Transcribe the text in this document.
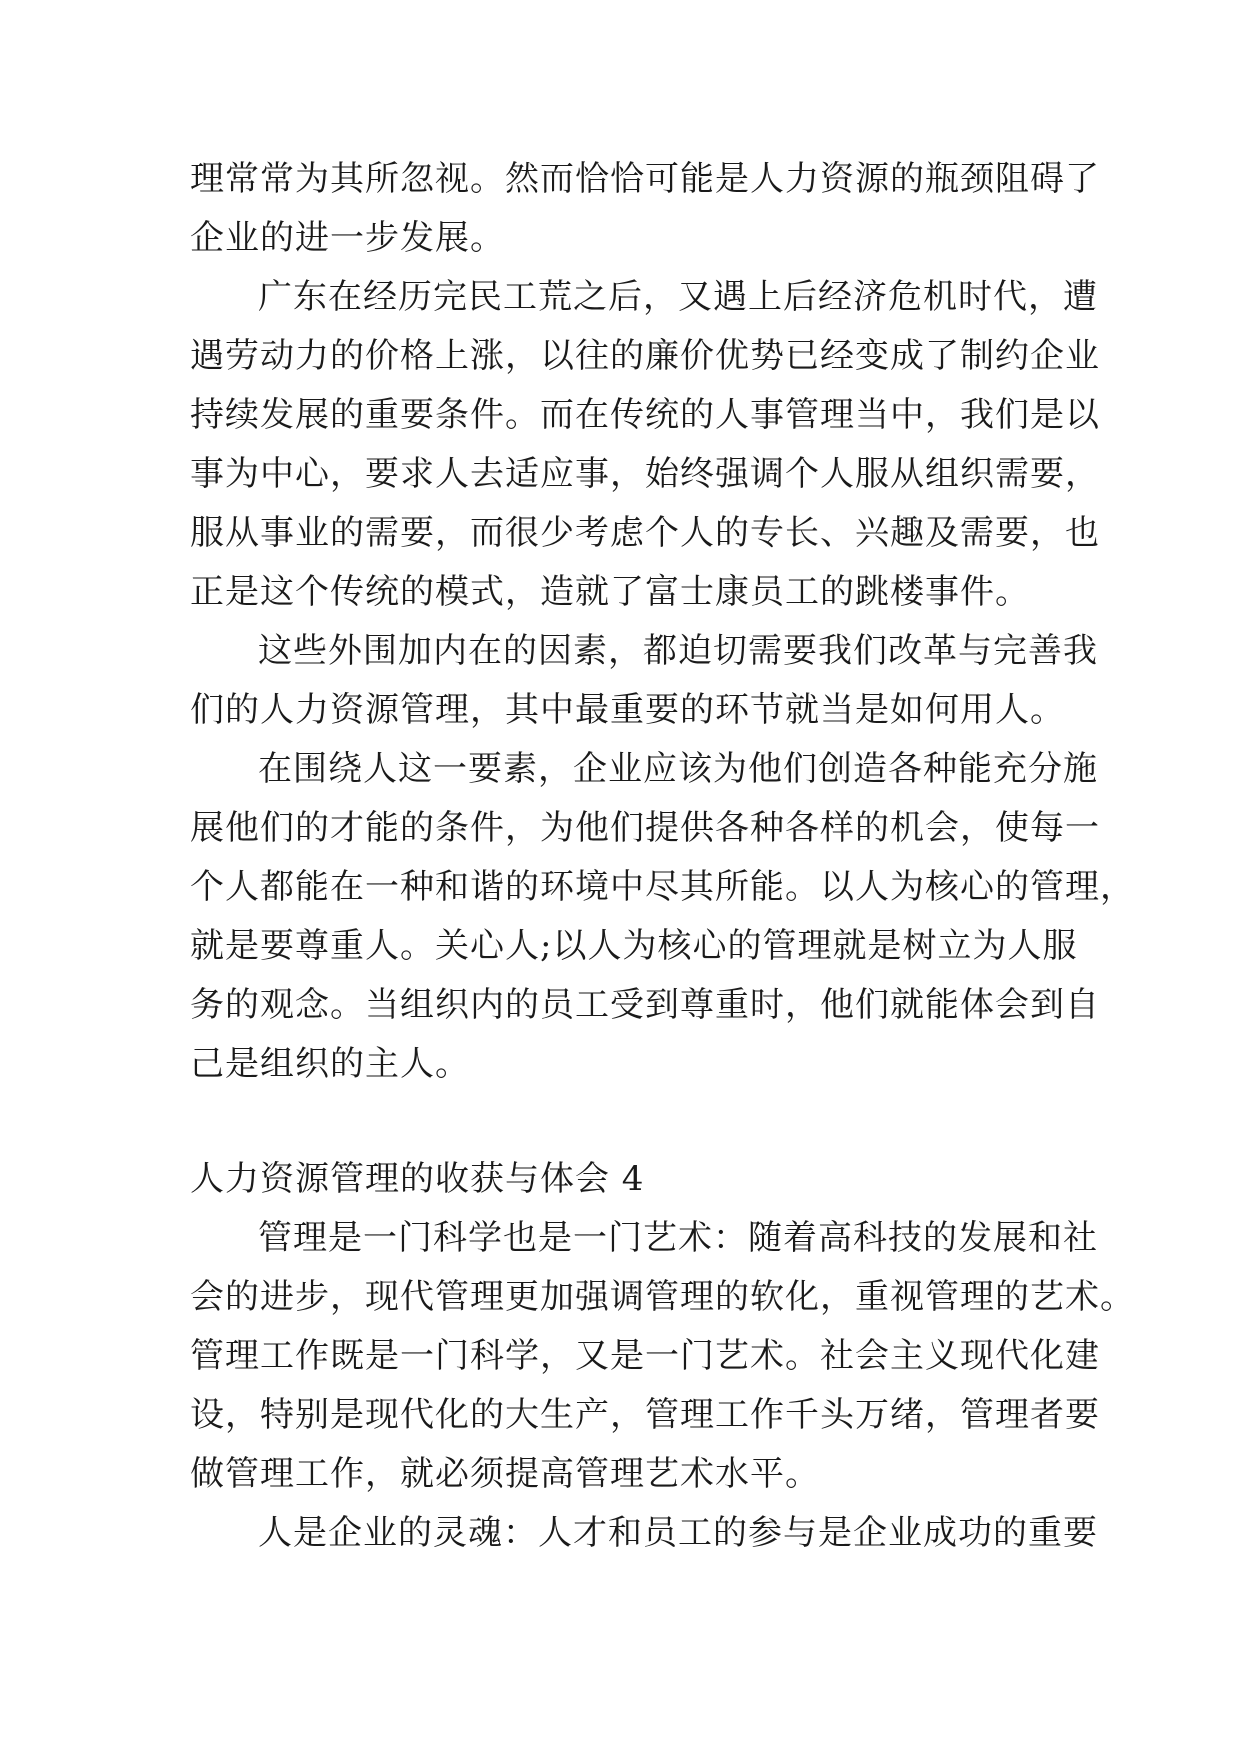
理常常为其所忽视。然而恰恰可能是人力资源的瓶颈阻碍了
企业的进一步发展。
广东在经历完民工荒之后，又遇上后经济危机时代，遭
遇劳动力的价格上涨，以往的廉价优势已经变成了制约企业
持续发展的重要条件。而在传统的人事管理当中，我们是以
事为中心，要求人去适应事，始终强调个人服从组织需要，
服从事业的需要，而很少考虑个人的专长、兴趣及需要，也
正是这个传统的模式，造就了富士康员工的跳楼事件。
这些外围加内在的因素，都迫切需要我们改革与完善我
们的人力资源管理，其中最重要的环节就当是如何用人。
在围绕人这一要素，企业应该为他们创造各种能充分施
展他们的才能的条件，为他们提供各种各样的机会，使每一
个人都能在一种和谐的环境中尽其所能。以人为核心的管理，
就是要尊重人。关心人;以人为核心的管理就是树立为人服
务的观念。当组织内的员工受到尊重时，他们就能体会到自
己是组织的主人。
人力资源管理的收获与体会 4
管理是一门科学也是一门艺术：随着高科技的发展和社
会的进步，现代管理更加强调管理的软化，重视管理的艺术。
管理工作既是一门科学，又是一门艺术。社会主义现代化建
设，特别是现代化的大生产，管理工作千头万绪，管理者要
做管理工作，就必须提高管理艺术水平。
人是企业的灵魂：人才和员工的参与是企业成功的重要
